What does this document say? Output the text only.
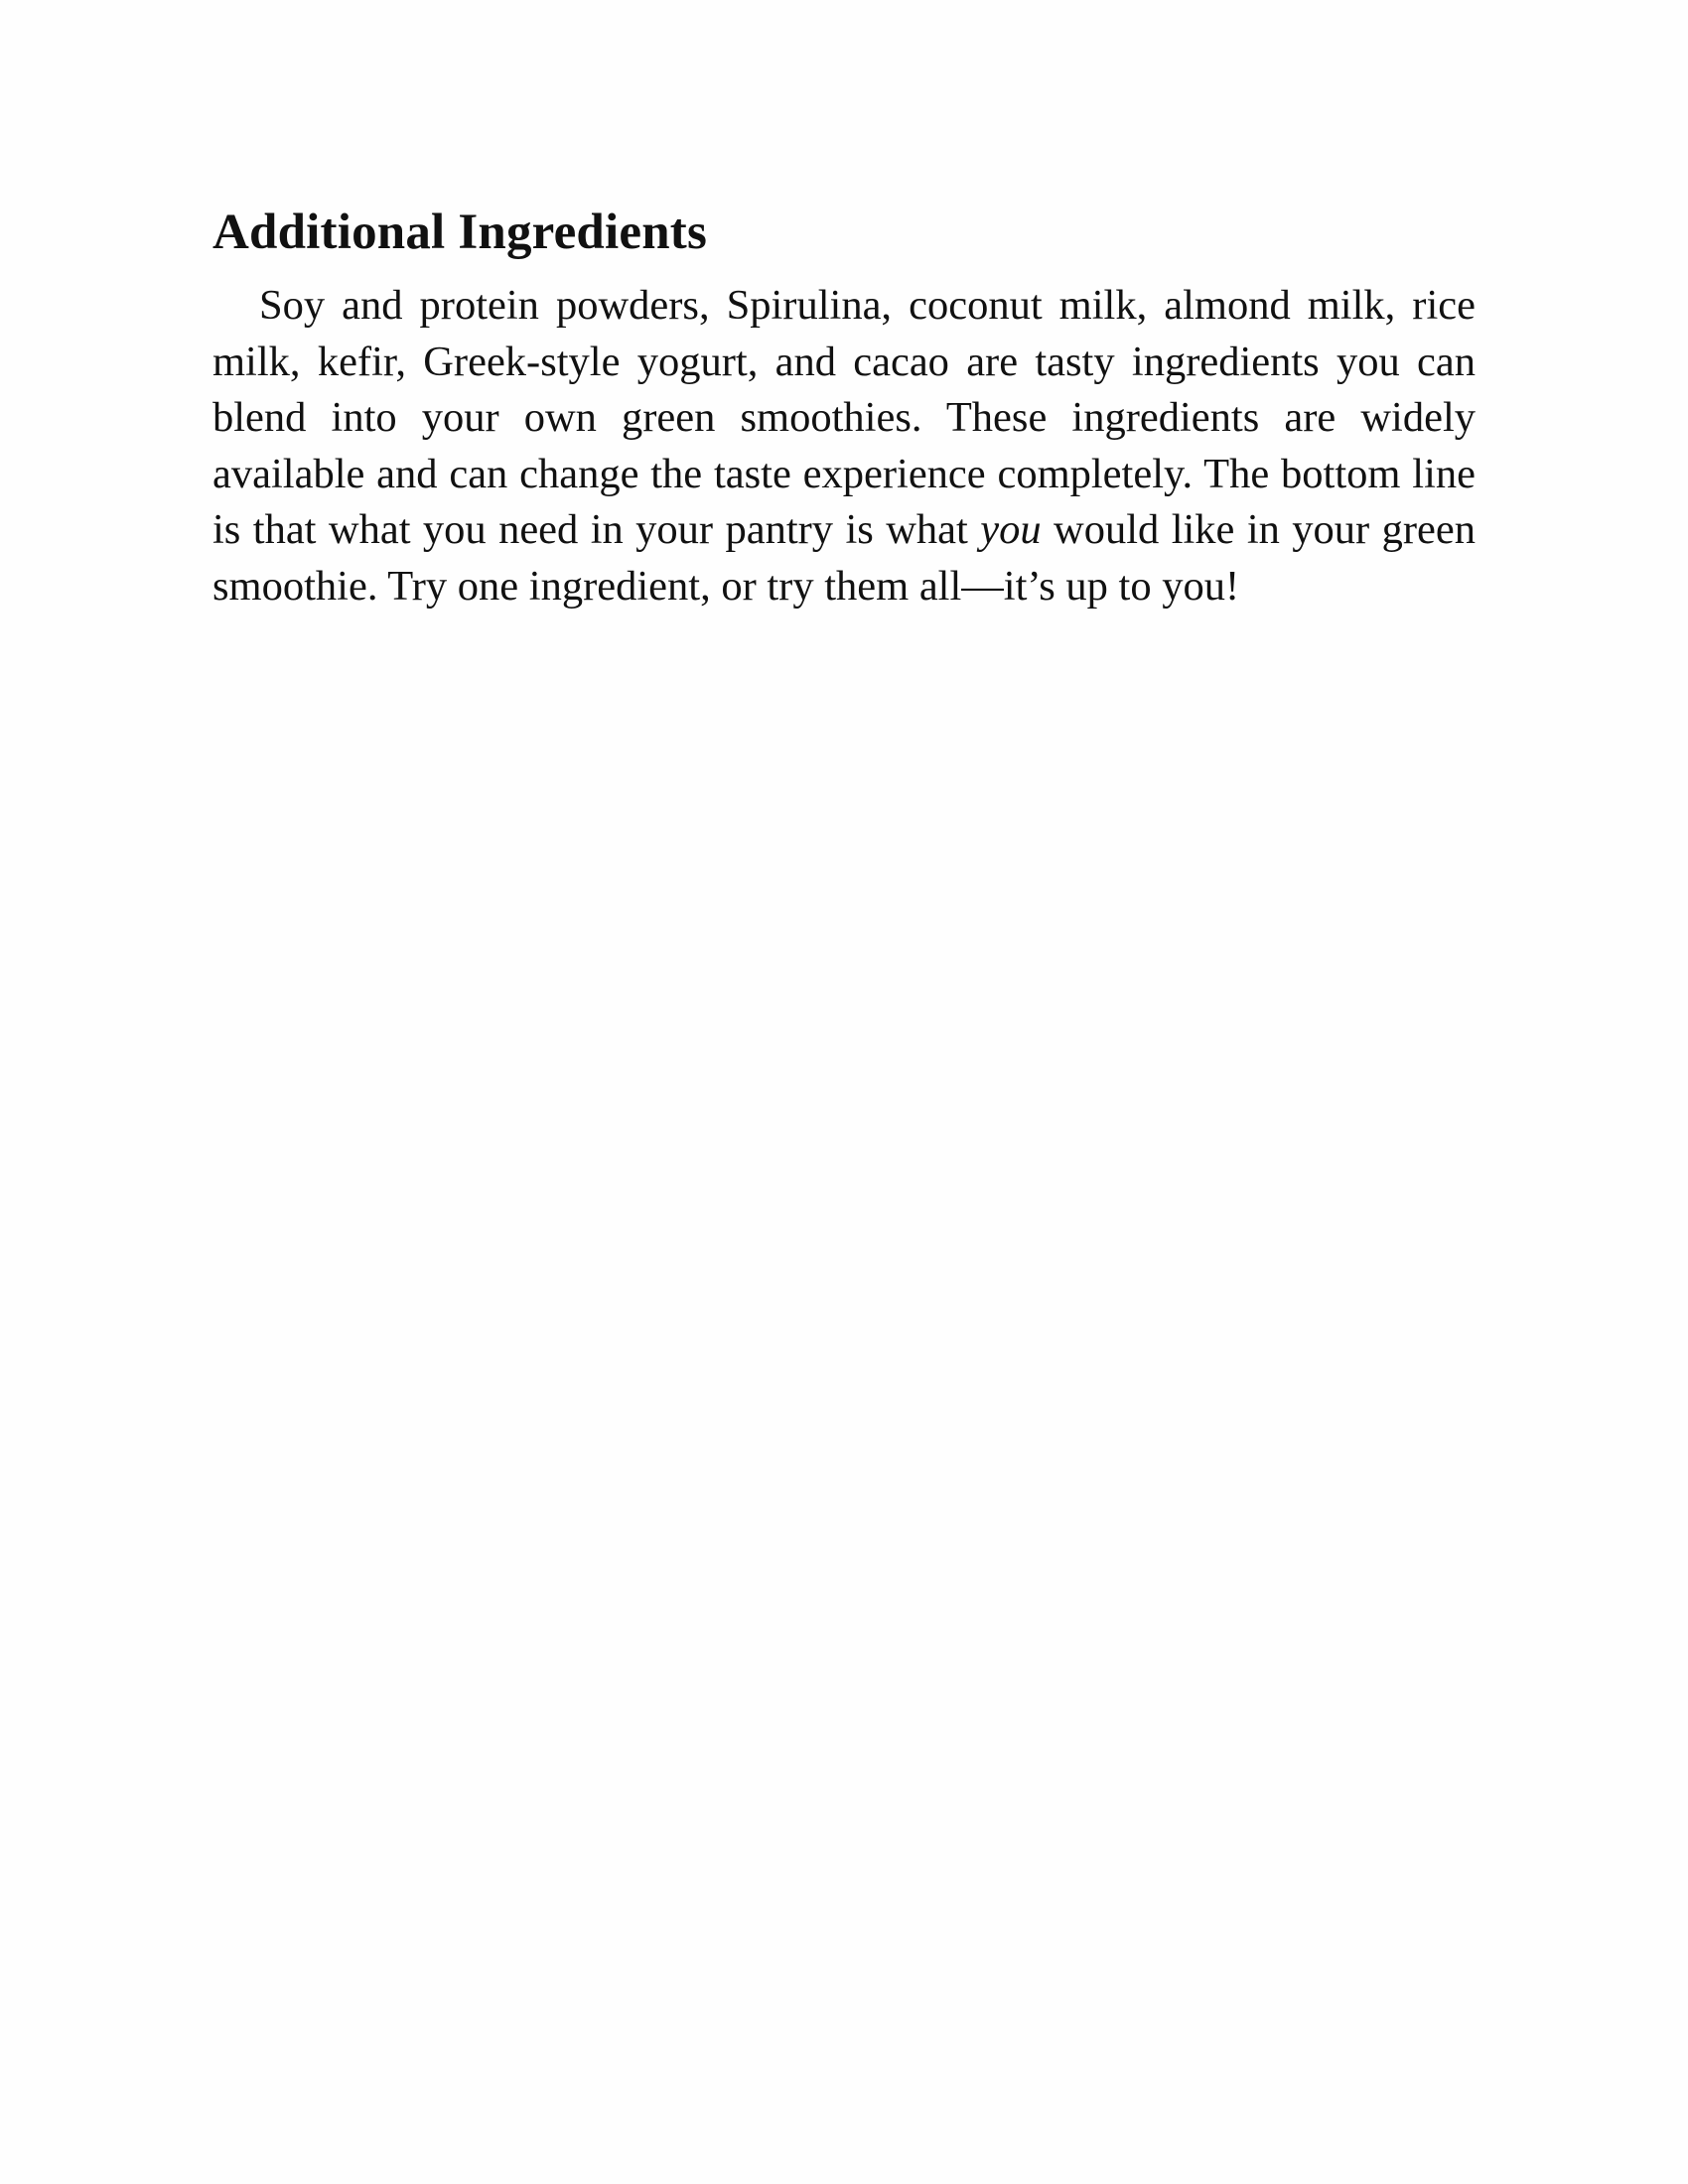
Additional Ingredients

Soy and protein powders, Spirulina, coconut milk, almond milk, rice milk, kefir, Greek-style yogurt, and cacao are tasty ingredients you can blend into your own green smoothies. These ingredients are widely available and can change the taste experience completely. The bottom line is that what you need in your pantry is what you would like in your green smoothie. Try one ingredient, or try them all—it’s up to you!
